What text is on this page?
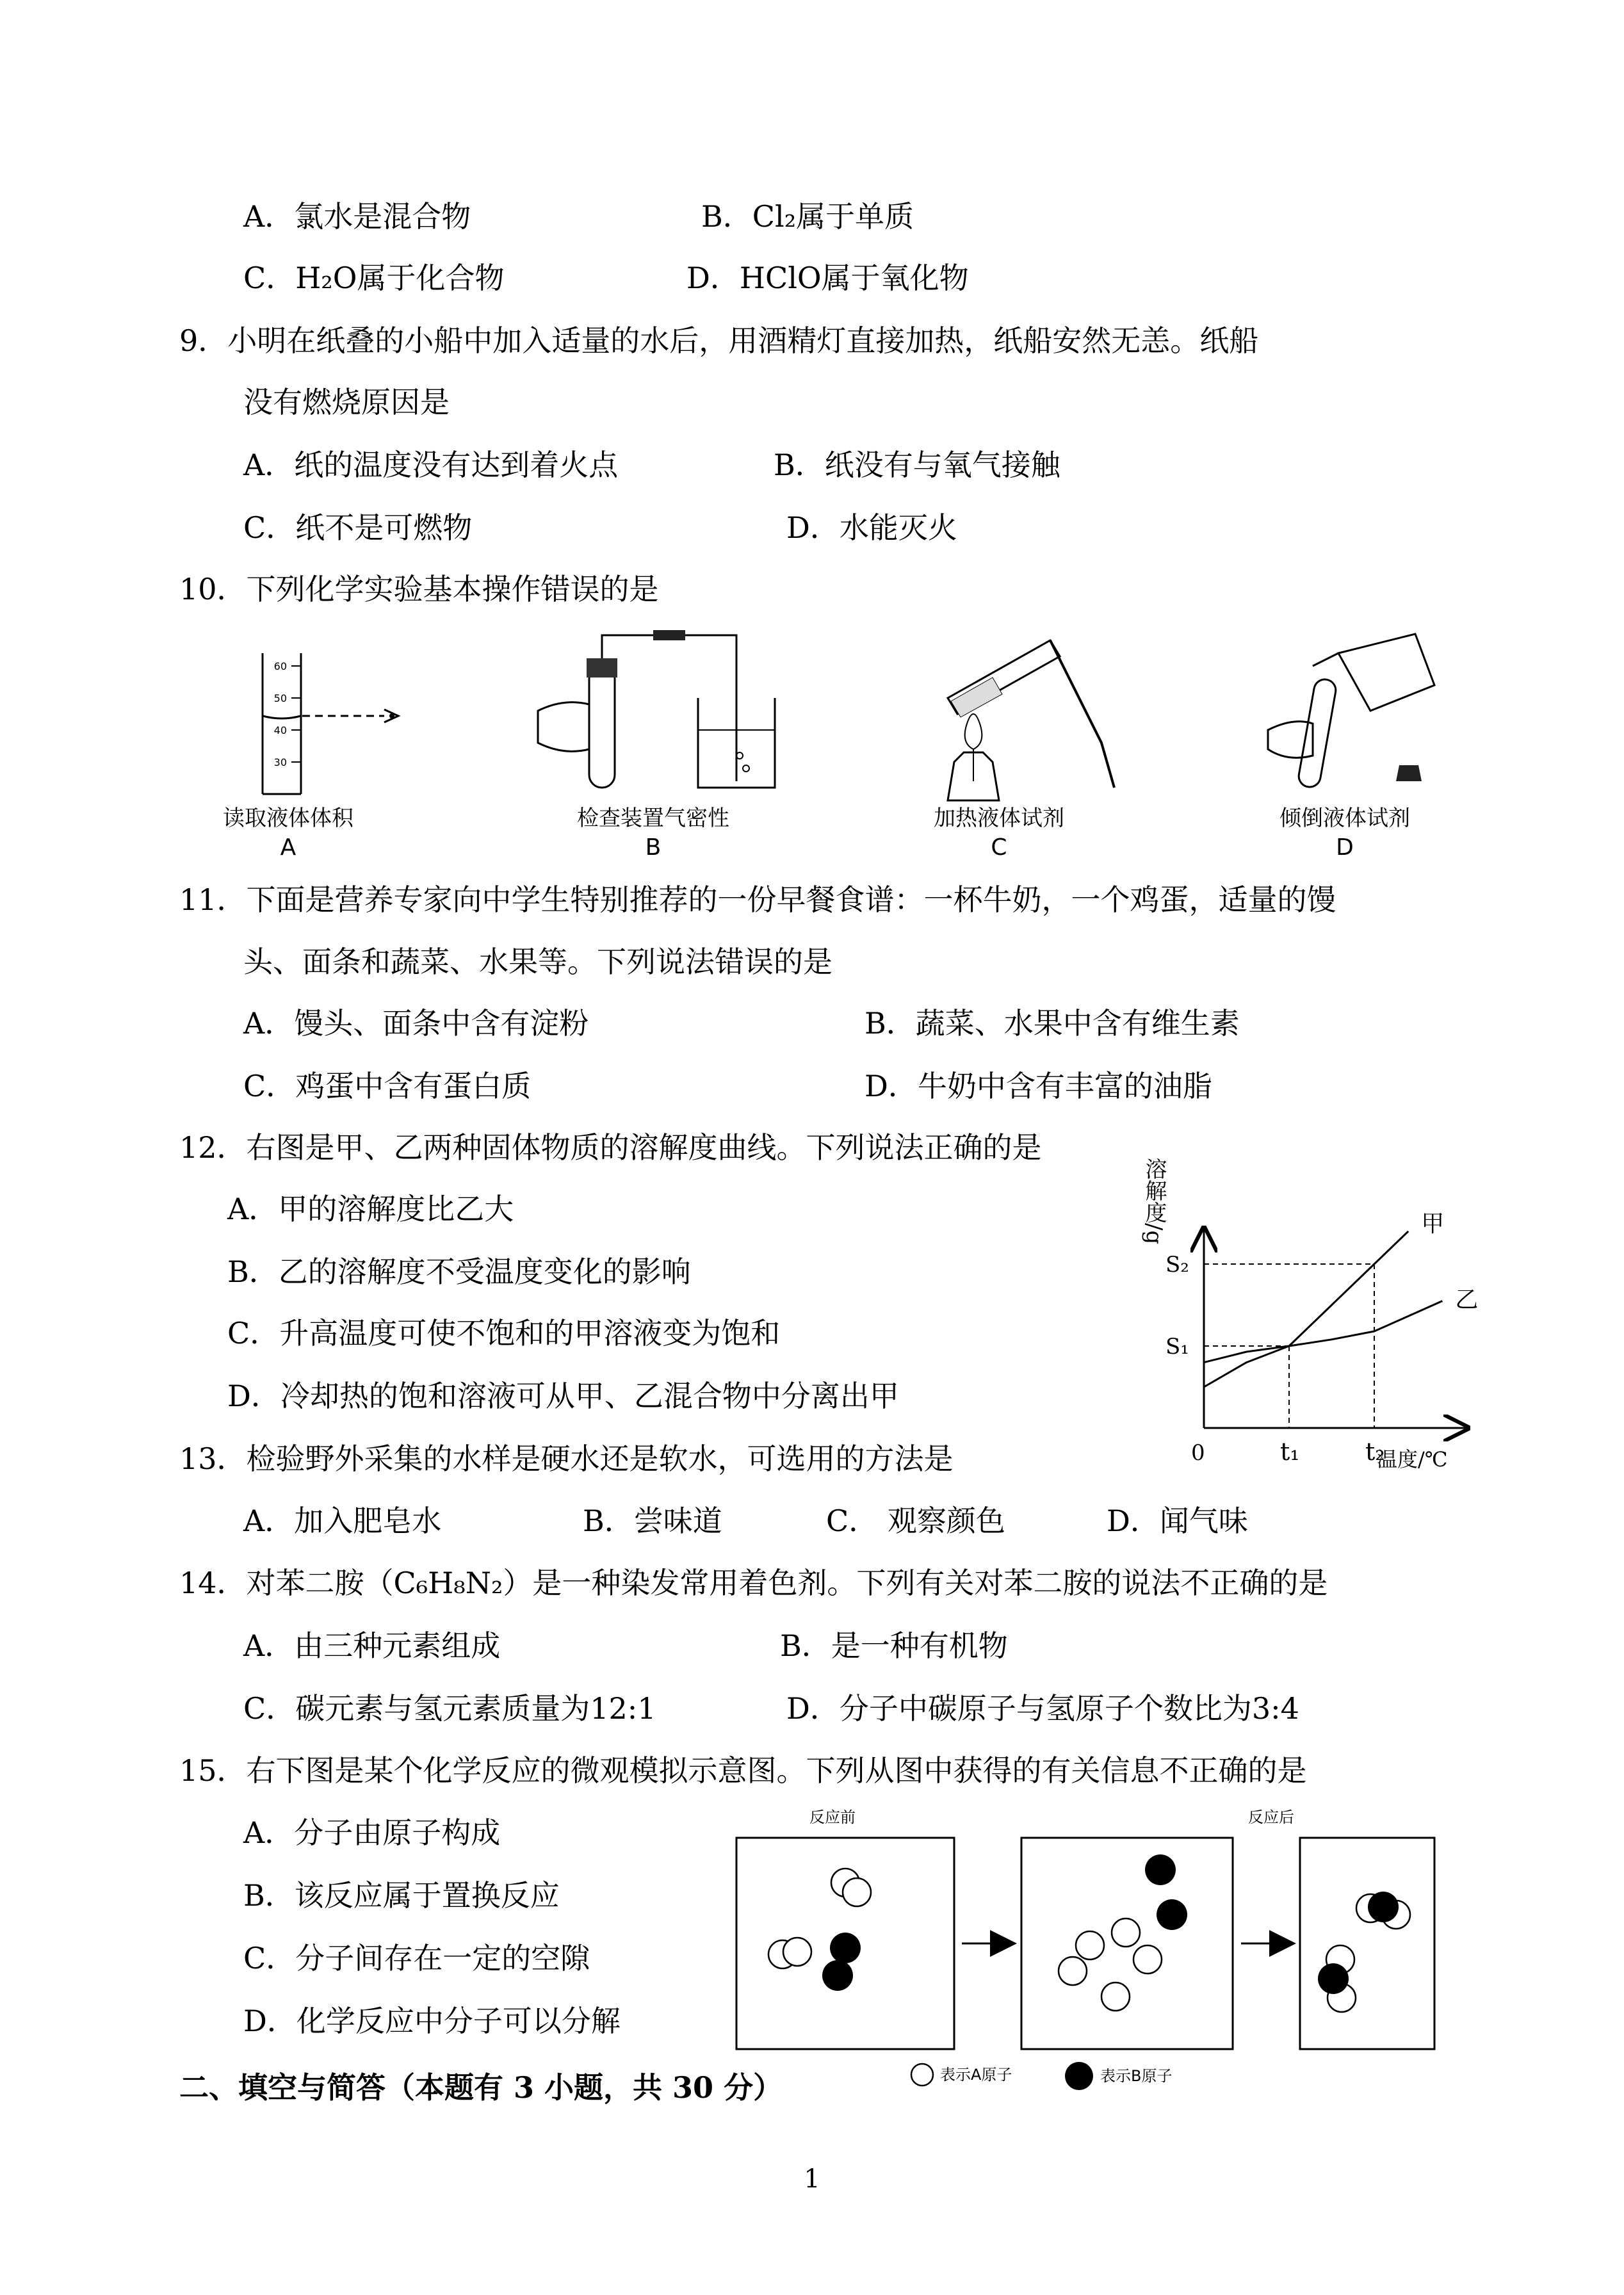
A．氯水是混合物	B．Cl₂属于单质
C．H₂O属于化合物	D．HClO属于氧化物
9．小明在纸叠的小船中加入适量的水后，用酒精灯直接加热，纸船安然无恙。纸船
没有燃烧原因是
A．纸的温度没有达到着火点	B．纸没有与氧气接触
C．纸不是可燃物	D．水能灭火
10．下列化学实验基本操作错误的是
60
50
40
30
读取液体体积
A
检查装置气密性
B
加热液体试剂
C
倾倒液体试剂
D
11．下面是营养专家向中学生特别推荐的一份早餐食谱：一杯牛奶，一个鸡蛋，适量的馒
头、面条和蔬菜、水果等。下列说法错误的是
A．馒头、面条中含有淀粉	B．蔬菜、水果中含有维生素
C．鸡蛋中含有蛋白质	D．牛奶中含有丰富的油脂
12．右图是甲、乙两种固体物质的溶解度曲线。下列说法正确的是
A．甲的溶解度比乙大
B．乙的溶解度不受温度变化的影响
C．升高温度可使不饱和的甲溶液变为饱和
D．冷却热的饱和溶液可从甲、乙混合物中分离出甲
溶解度/g	甲
乙
S₁
t₁
S₂
t₂
0	温度/℃
13．检验野外采集的水样是硬水还是软水，可选用的方法是
A．加入肥皂水	B．尝味道	C． 观察颜色	D．闻气味
14．对苯二胺（C₆H₈N₂）是一种染发常用着色剂。下列有关对苯二胺的说法不正确的是
A．由三种元素组成	B．是一种有机物
C．碳元素与氢元素质量为12:1	D．分子中碳原子与氢原子个数比为3:4
15．右下图是某个化学反应的微观模拟示意图。下列从图中获得的有关信息不正确的是
A．分子由原子构成
B．该反应属于置换反应
C．分子间存在一定的空隙
D．化学反应中分子可以分解
反应前	反应后
表示A原子	表示B原子
二、填空与简答（本题有 3 小题，共 30 分）
1
